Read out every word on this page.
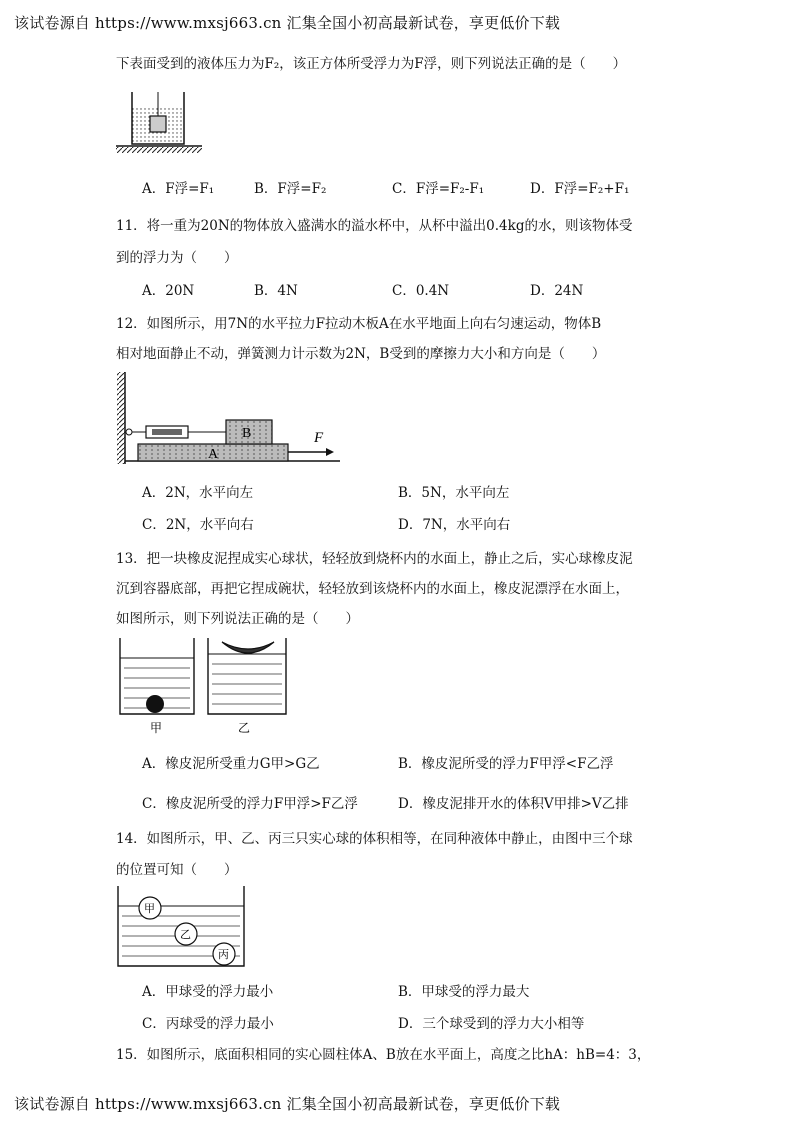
该试卷源自 https://www.mxsj663.cn 汇集全国小初高最新试卷，享更低价下载
下表面受到的液体压力为F₂，该正方体所受浮力为F浮，则下列说法正确的是（　　）
A．F浮=F₁	B．F浮=F₂	C．F浮=F₂-F₁	D．F浮=F₂+F₁
11．将一重为20N的物体放入盛满水的溢水杯中，从杯中溢出0.4kg的水，则该物体受
到的浮力为（　　）
A．20N	B．4N	C．0.4N	D．24N
12．如图所示，用7N的水平拉力F拉动木板A在水平地面上向右匀速运动，物体B
相对地面静止不动，弹簧测力计示数为2N，B受到的摩擦力大小和方向是（　　）
A
B	F
A．2N，水平向左	B．5N，水平向左
C．2N，水平向右	D．7N，水平向右
13．把一块橡皮泥捏成实心球状，轻轻放到烧杯内的水面上，静止之后，实心球橡皮泥
沉到容器底部，再把它捏成碗状，轻轻放到该烧杯内的水面上，橡皮泥漂浮在水面上，
如图所示，则下列说法正确的是（　　）
甲	乙
A．橡皮泥所受重力G甲>G乙	B．橡皮泥所受的浮力F甲浮<F乙浮
C．橡皮泥所受的浮力F甲浮>F乙浮	D．橡皮泥排开水的体积V甲排>V乙排
14．如图所示，甲、乙、丙三只实心球的体积相等，在同种液体中静止，由图中三个球
的位置可知（　　）
甲
乙
丙
A．甲球受的浮力最小	B．甲球受的浮力最大
C．丙球受的浮力最小	D．三个球受到的浮力大小相等
15．如图所示，底面积相同的实心圆柱体A、B放在水平面上，高度之比hA：hB=4：3，
该试卷源自 https://www.mxsj663.cn 汇集全国小初高最新试卷，享更低价下载
